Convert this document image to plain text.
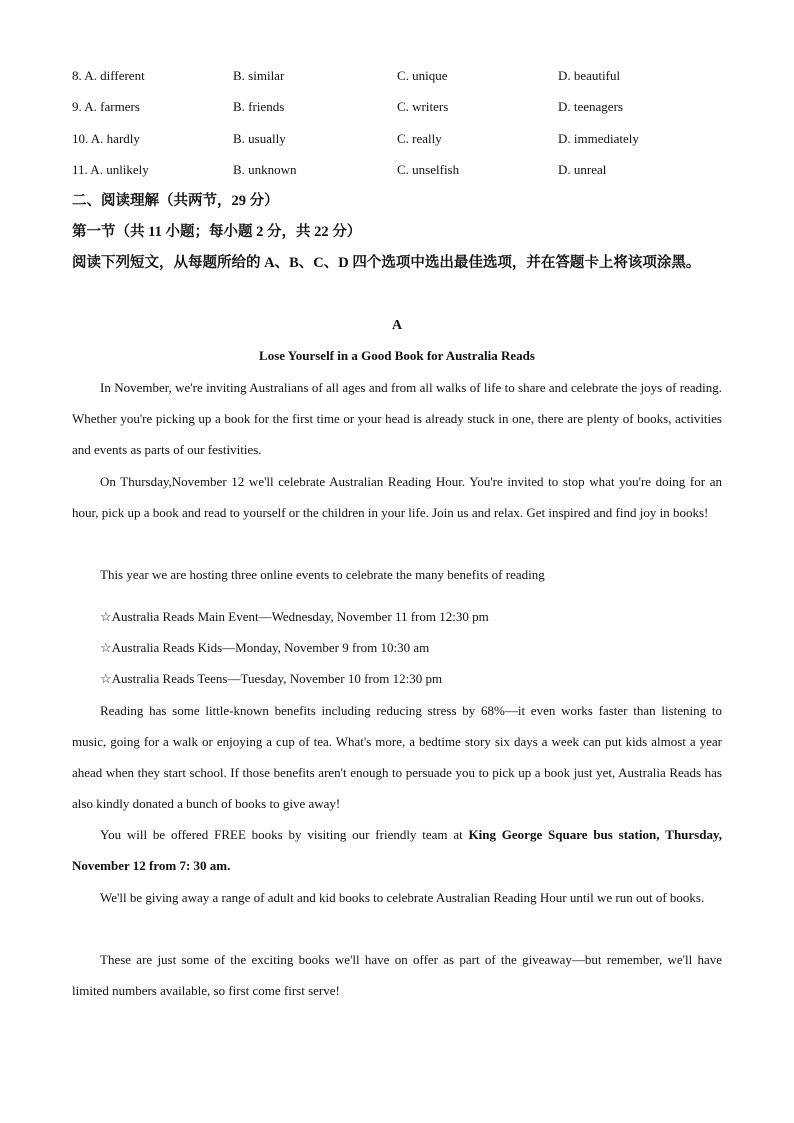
8. A. different	B. similar	C. unique	D. beautiful
9. A. farmers	B. friends	C. writers	D. teenagers
10. A. hardly	B. usually	C. really	D. immediately
11. A. unlikely	B. unknown	C. unselfish	D. unreal
二、阅读理解（共两节，29 分）
第一节（共 11 小题；每小题 2 分，共 22 分）
阅读下列短文，从每题所给的 A、B、C、D 四个选项中选出最佳选项，并在答题卡上将该项涂黑。
A
Lose Yourself in a Good Book for Australia Reads
In November, we're inviting Australians of all ages and from all walks of life to share and celebrate the joys of reading. Whether you're picking up a book for the first time or your head is already stuck in one, there are plenty of books, activities and events as parts of our festivities.
On Thursday,November 12 we'll celebrate Australian Reading Hour. You're invited to stop what you're doing for an hour, pick up a book and read to yourself or the children in your life. Join us and relax. Get inspired and find joy in books!
This year we are hosting three online events to celebrate the many benefits of reading
☆Australia Reads Main Event—Wednesday, November 11 from 12:30 pm
☆Australia Reads Kids—Monday, November 9 from 10:30 am
☆Australia Reads Teens—Tuesday, November 10 from 12:30 pm
Reading has some little-known benefits including reducing stress by 68%—it even works faster than listening to music, going for a walk or enjoying a cup of tea. What's more, a bedtime story six days a week can put kids almost a year ahead when they start school. If those benefits aren't enough to persuade you to pick up a book just yet, Australia Reads has also kindly donated a bunch of books to give away!
You will be offered FREE books by visiting our friendly team at King George Square bus station, Thursday, November 12 from 7: 30 am.
We'll be giving away a range of adult and kid books to celebrate Australian Reading Hour until we run out of books.
These are just some of the exciting books we'll have on offer as part of the giveaway—but remember, we'll have limited numbers available, so first come first serve!
